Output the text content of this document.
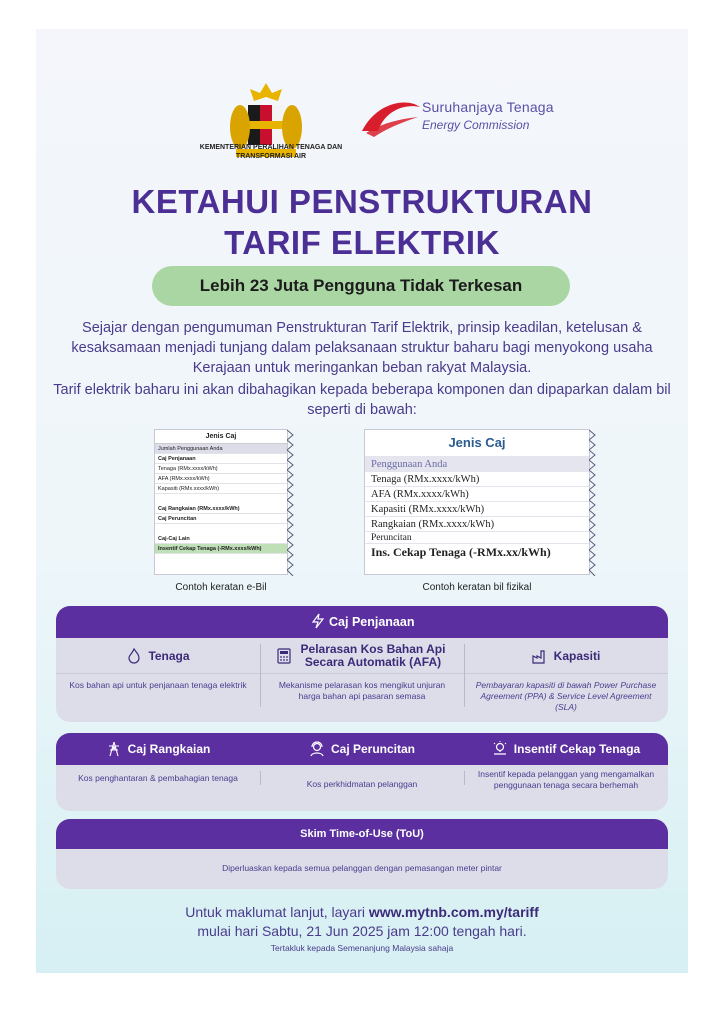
KEMENTERIAN PERALIHAN TENAGA DAN TRANSFORMASI AIR
Suruhanjaya Tenaga
Energy Commission
KETAHUI PENSTRUKTURAN
TARIF ELEKTRIK
Lebih 23 Juta Pengguna Tidak Terkesan
Sejajar dengan pengumuman Penstrukturan Tarif Elektrik, prinsip keadilan, ketelusan & kesaksamaan menjadi tunjang dalam pelaksanaan struktur baharu bagi menyokong usaha Kerajaan untuk meringankan beban rakyat Malaysia.
Tarif elektrik baharu ini akan dibahagikan kepada beberapa komponen dan dipaparkan dalam bil seperti di bawah:
Jenis Caj
Jumlah Penggunaan Anda
Caj Penjanaan
Tenaga (RMx.xxxx/kWh)
AFA (RMx.xxxx/kWh)
Kapasiti (RMx.xxxx/kWh)
Caj Rangkaian (RMx.xxxx/kWh)
Caj Peruncitan
Caj-Caj Lain
Insentif Cekap Tenaga (-RMx.xxxx/kWh)
Contoh keratan e-Bil
Jenis Caj
Penggunaan Anda
Tenaga (RMx.xxxx/kWh)
AFA (RMx.xxxx/kWh)
Kapasiti (RMx.xxxx/kWh)
Rangkaian (RMx.xxxx/kWh)
Peruncitan
Ins. Cekap Tenaga (-RMx.xx/kWh)
Contoh keratan bil fizikal
Caj Penjanaan
Tenaga
Kos bahan api untuk penjanaan tenaga elektrik
Pelarasan Kos Bahan Api Secara Automatik (AFA)
Mekanisme pelarasan kos mengikut unjuran harga bahan api pasaran semasa
Kapasiti
Pembayaran kapasiti di bawah Power Purchase Agreement (PPA) & Service Level Agreement (SLA)
Caj Rangkaian	Caj Peruncitan	Insentif Cekap Tenaga
Kos penghantaran & pembahagian tenaga
Kos perkhidmatan pelanggan
Insentif kepada pelanggan yang mengamalkan penggunaan tenaga secara berhemah
Skim Time-of-Use (ToU)
Diperluaskan kepada semua pelanggan dengan pemasangan meter pintar
Untuk maklumat lanjut, layari www.mytnb.com.my/tariff
mulai hari Sabtu, 21 Jun 2025 jam 12:00 tengah hari.
Tertakluk kepada Semenanjung Malaysia sahaja
